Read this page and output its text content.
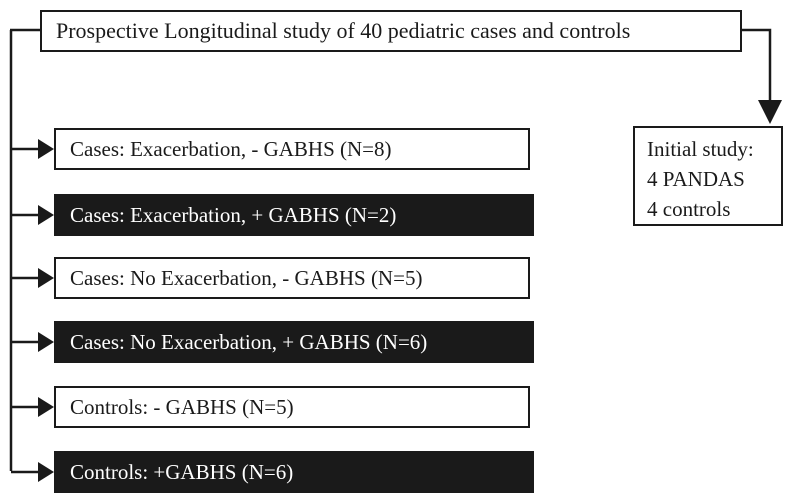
Prospective Longitudinal study of 40 pediatric cases and controls
Initial study:
4 PANDAS
4 controls
Cases: Exacerbation, - GABHS (N=8)
Cases: Exacerbation, + GABHS (N=2)
Cases: No Exacerbation, - GABHS (N=5)
Cases: No Exacerbation, + GABHS (N=6)
Controls: - GABHS (N=5)
Controls: +GABHS (N=6)
